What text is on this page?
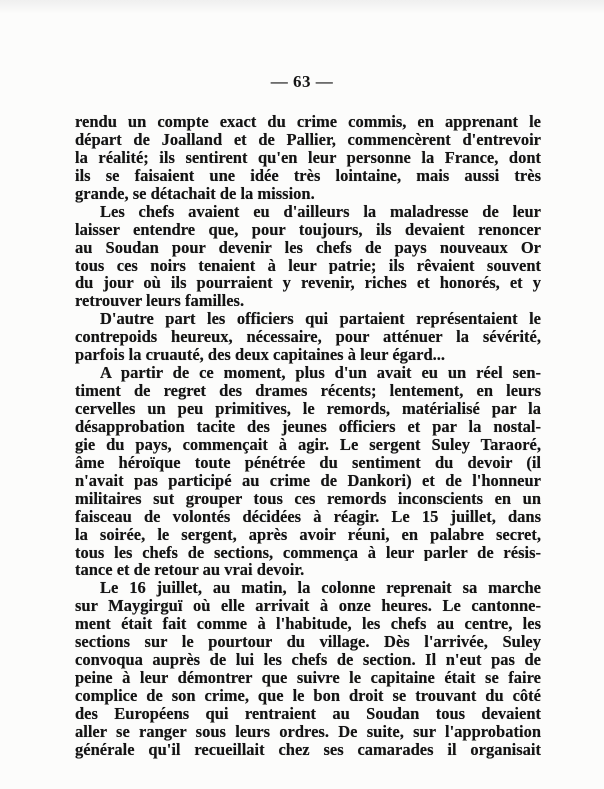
— 63 —
rendu un compte exact du crime commis, en apprenant le
départ de Joalland et de Pallier, commencèrent d'entrevoir
la réalité; ils sentirent qu'en leur personne la France, dont
ils se faisaient une idée très lointaine, mais aussi très
grande, se détachait de la mission.
Les chefs avaient eu d'ailleurs la maladresse de leur
laisser entendre que, pour toujours, ils devaient renoncer
au Soudan pour devenir les chefs de pays nouveaux Or
tous ces noirs tenaient à leur patrie; ils rêvaient souvent
du jour où ils pourraient y revenir, riches et honorés, et y
retrouver leurs familles.
D'autre part les officiers qui partaient représentaient le
contrepoids heureux, nécessaire, pour atténuer la sévérité,
parfois la cruauté, des deux capitaines à leur égard...
A partir de ce moment, plus d'un avait eu un réel sen-
timent de regret des drames récents; lentement, en leurs
cervelles un peu primitives, le remords, matérialisé par la
désapprobation tacite des jeunes officiers et par la nostal-
gie du pays, commençait à agir. Le sergent Suley Taraoré,
âme héroïque toute pénétrée du sentiment du devoir (il
n'avait pas participé au crime de Dankori) et de l'honneur
militaires sut grouper tous ces remords inconscients en un
faisceau de volontés décidées à réagir. Le 15 juillet, dans
la soirée, le sergent, après avoir réuni, en palabre secret,
tous les chefs de sections, commença à leur parler de résis-
tance et de retour au vrai devoir.
Le 16 juillet, au matin, la colonne reprenait sa marche
sur Maygirguï où elle arrivait à onze heures. Le cantonne-
ment était fait comme à l'habitude, les chefs au centre, les
sections sur le pourtour du village. Dès l'arrivée, Suley
convoqua auprès de lui les chefs de section. Il n'eut pas de
peine à leur démontrer que suivre le capitaine était se faire
complice de son crime, que le bon droit se trouvant du côté
des Européens qui rentraient au Soudan tous devaient
aller se ranger sous leurs ordres. De suite, sur l'approbation
générale qu'il recueillait chez ses camarades il organisait
